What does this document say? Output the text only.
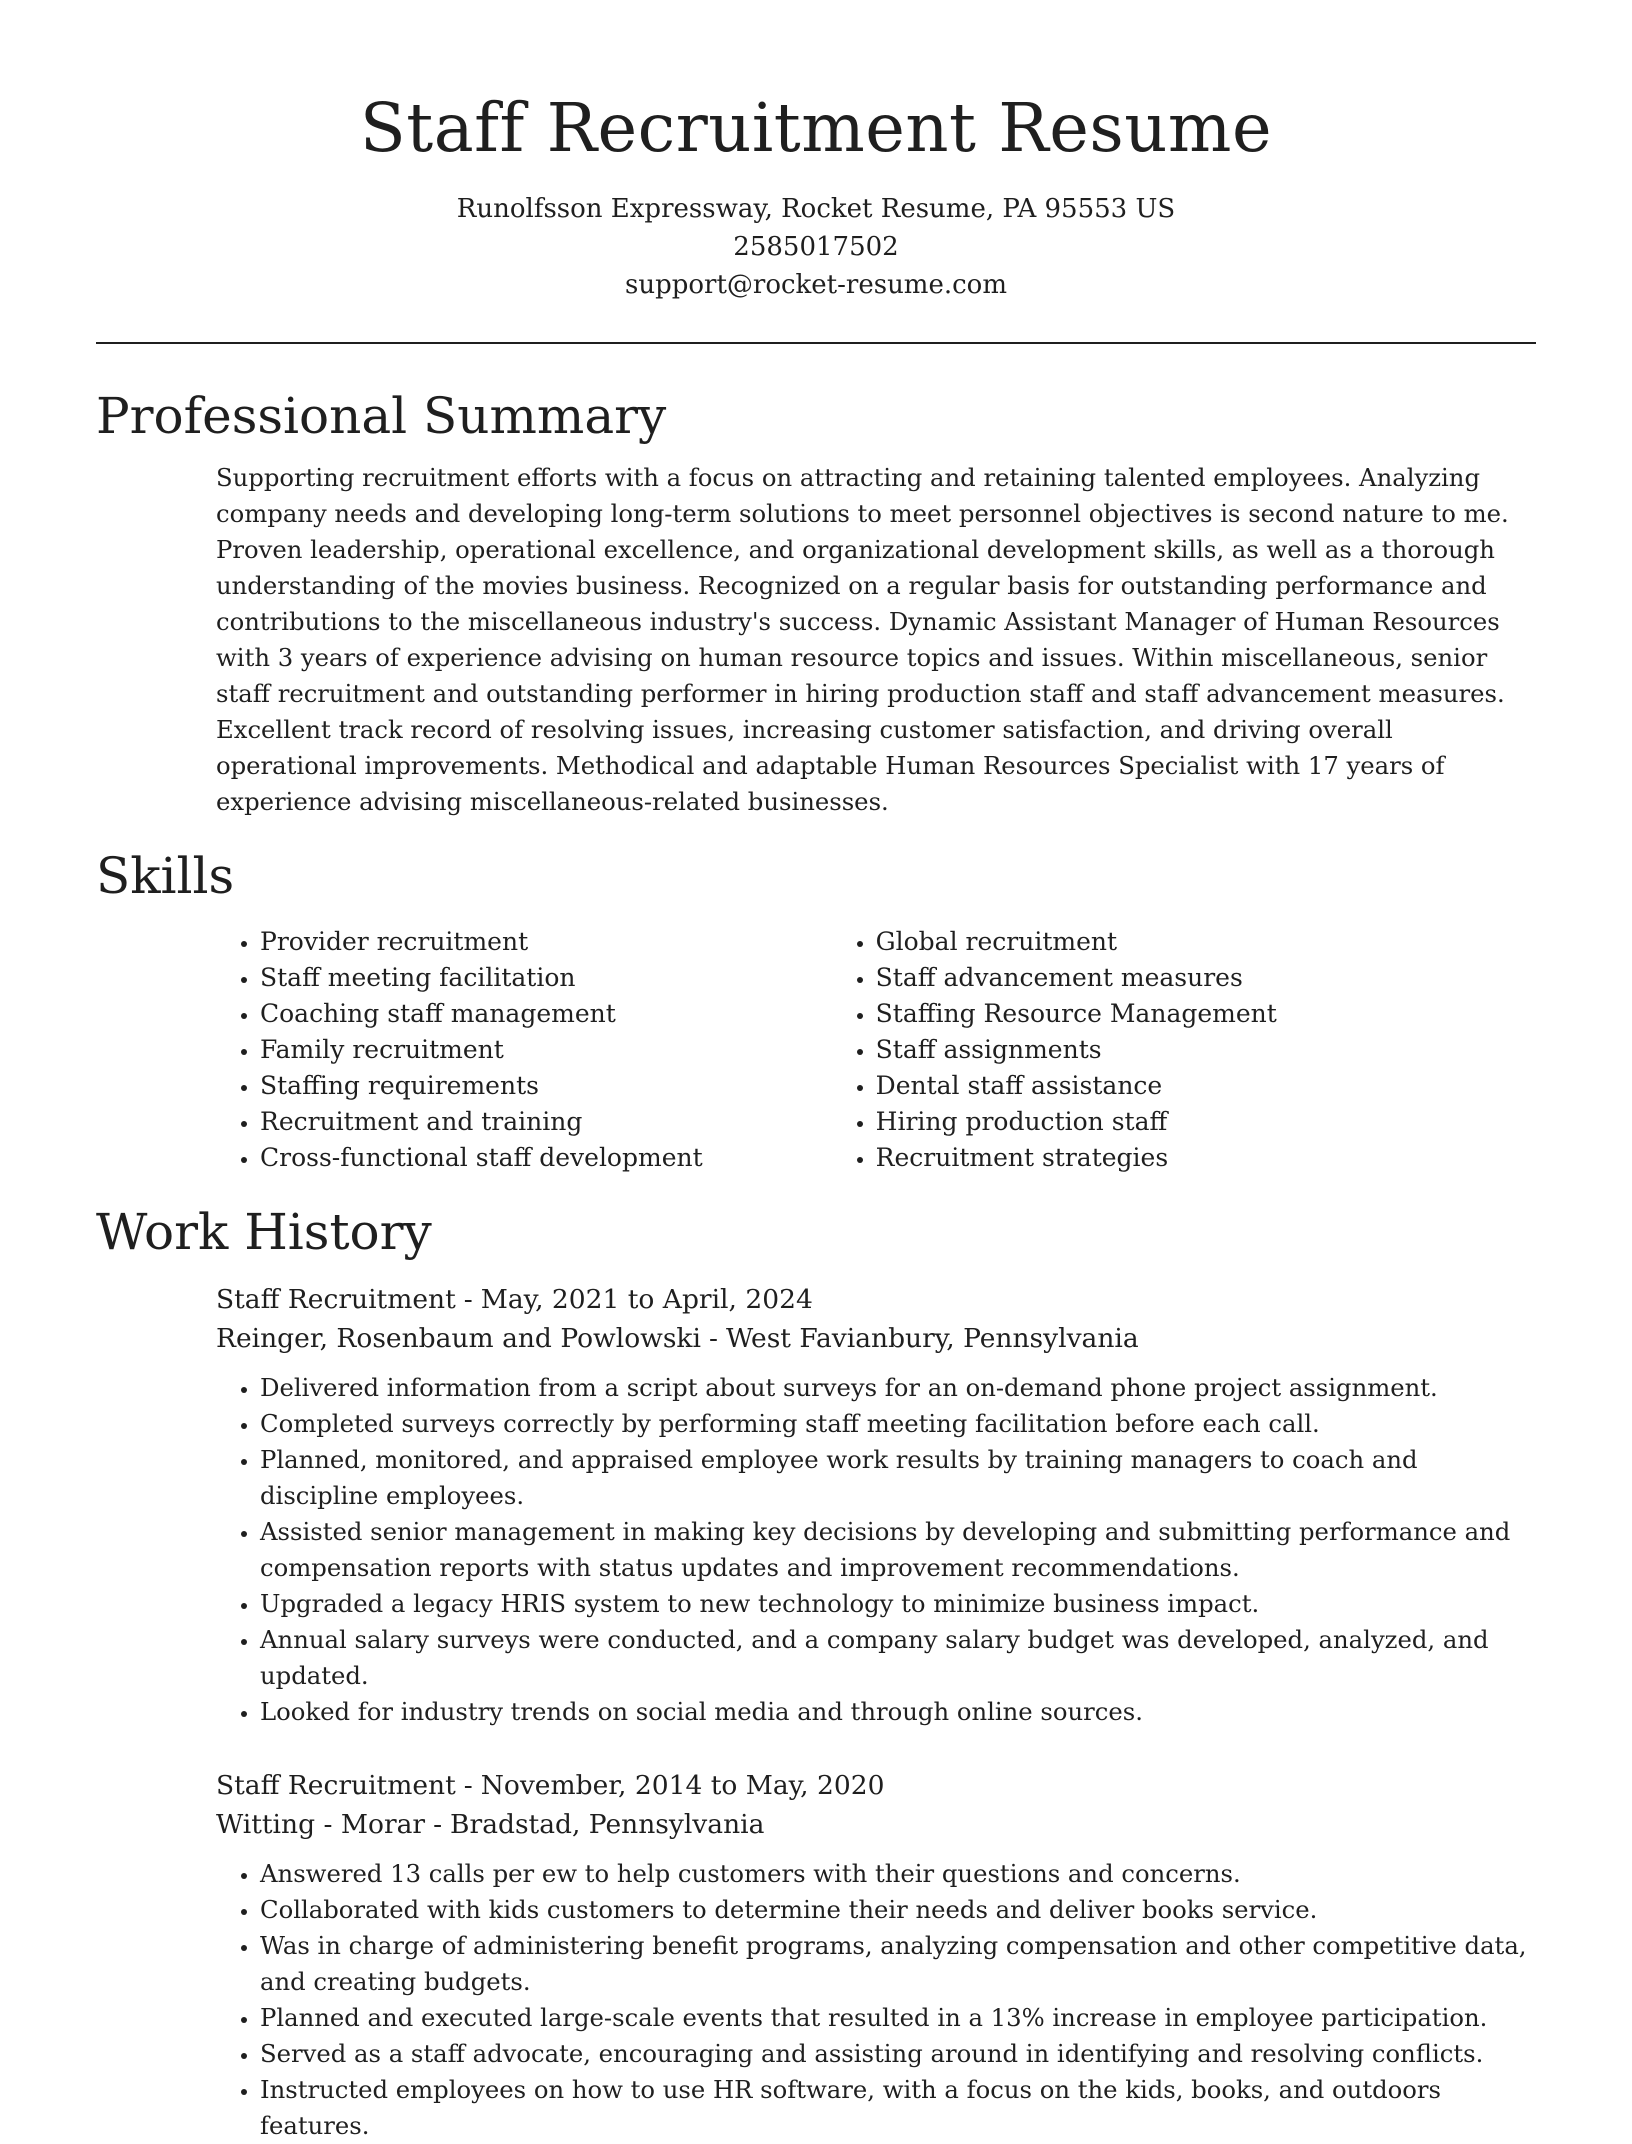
Staff Recruitment Resume
Runolfsson Expressway, Rocket Resume, PA 95553 US
2585017502
support@rocket-resume.com
Professional Summary
Supporting recruitment efforts with a focus on attracting and retaining talented employees. Analyzing company needs and developing long-term solutions to meet personnel objectives is second nature to me. Proven leadership, operational excellence, and organizational development skills, as well as a thorough understanding of the movies business. Recognized on a regular basis for outstanding performance and contributions to the miscellaneous industry's success. Dynamic Assistant Manager of Human Resources with 3 years of experience advising on human resource topics and issues. Within miscellaneous, senior staff recruitment and outstanding performer in hiring production staff and staff advancement measures. Excellent track record of resolving issues, increasing customer satisfaction, and driving overall operational improvements. Methodical and adaptable Human Resources Specialist with 17 years of experience advising miscellaneous-related businesses.
Skills
• Provider recruitment
• Staff meeting facilitation
• Coaching staff management
• Family recruitment
• Staffing requirements
• Recruitment and training
• Cross-functional staff development
• Global recruitment
• Staff advancement measures
• Staffing Resource Management
• Staff assignments
• Dental staff assistance
• Hiring production staff
• Recruitment strategies
Work History
Staff Recruitment - May, 2021 to April, 2024
Reinger, Rosenbaum and Powlowski - West Favianbury, Pennsylvania
• Delivered information from a script about surveys for an on-demand phone project assignment.
• Completed surveys correctly by performing staff meeting facilitation before each call.
• Planned, monitored, and appraised employee work results by training managers to coach and discipline employees.
• Assisted senior management in making key decisions by developing and submitting performance and compensation reports with status updates and improvement recommendations.
• Upgraded a legacy HRIS system to new technology to minimize business impact.
• Annual salary surveys were conducted, and a company salary budget was developed, analyzed, and updated.
• Looked for industry trends on social media and through online sources.
Staff Recruitment - November, 2014 to May, 2020
Witting - Morar - Bradstad, Pennsylvania
• Answered 13 calls per ew to help customers with their questions and concerns.
• Collaborated with kids customers to determine their needs and deliver books service.
• Was in charge of administering benefit programs, analyzing compensation and other competitive data, and creating budgets.
• Planned and executed large-scale events that resulted in a 13% increase in employee participation.
• Served as a staff advocate, encouraging and assisting around in identifying and resolving conflicts.
• Instructed employees on how to use HR software, with a focus on the kids, books, and outdoors features.
